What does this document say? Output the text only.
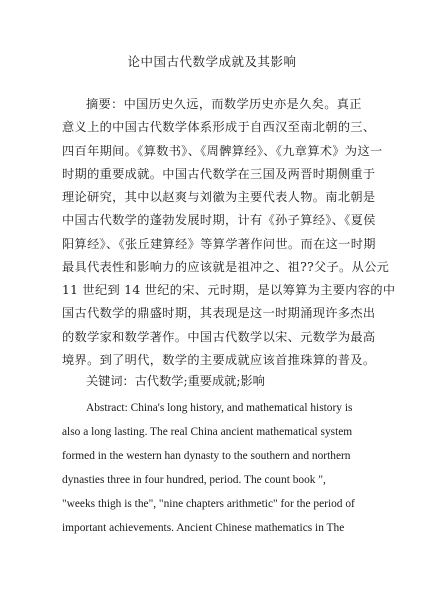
论中国古代数学成就及其影响
摘要：中国历史久远，而数学历史亦是久矣。真正
意义上的中国古代数学体系形成于自西汉至南北朝的三、
四百年期间。《算数书》、《周髀算经》、《九章算术》为这一
时期的重要成就。中国古代数学在三国及两晋时期侧重于
理论研究，其中以赵爽与刘徽为主要代表人物。南北朝是
中国古代数学的蓬勃发展时期，计有《孙子算经》、《夏侯
阳算经》、《张丘建算经》等算学著作问世。而在这一时期
最具代表性和影响力的应该就是祖冲之、祖??父子。从公元
11 世纪到 14 世纪的宋、元时期，是以筹算为主要内容的中
国古代数学的鼎盛时期，其表现是这一时期涌现许多杰出
的数学家和数学著作。中国古代数学以宋、元数学为最高
关键词：古代数学;重要成就;影响
Abstract: China's long history, and mathematical history is
also a long lasting. The real China ancient mathematical system
formed in the western han dynasty to the southern and northern
dynasties three in four hundred, period. The count book ",
"weeks thigh is the", "nine chapters arithmetic" for the period of
important achievements. Ancient Chinese mathematics in The
境界。到了明代，数学的主要成就应该首推珠算的普及。
